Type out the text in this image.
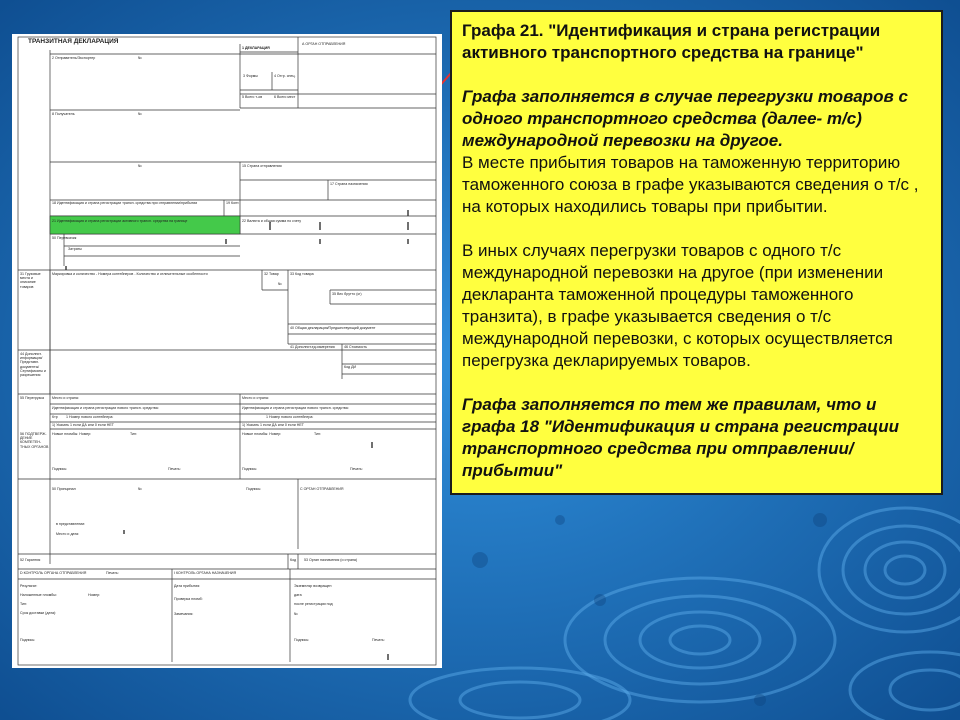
ТРАНЗИТНАЯ ДЕКЛАРАЦИЯ	А ОРГАН ОТПРАВЛЕНИЯ
1 ДЕКЛАРАЦИЯ
2 Отправитель/Экспортер	№
3 Формы	4 Отгр. спец.
5 Всего т-ов	6 Всего мест
8 Получатель	№
№	15 Страна отправления
17 Страна назначения
18 Идентификация и страна регистрации трансп. средства при отправлении/прибытии	19 Конт.
21 Идентификация и страна регистрации активного трансп. средства на границе	22 Валюта и общая сумма по счету
50 Перевозчик
Затраты
31 Грузовые места и описание товаров
Маркировка и количество - Номера контейнеров - Количество и отличительные особенности	32 Товар	33 Код товара
№
35 Вес брутто (кг)
40 Общая декларация/Предшествующий документ
41 Дополнит.ед.измерения
44 Дополнит. информация/ Представл. документы/ Сертификаты и разрешения
Код ДИ
46 Стоимость
55 Перегрузка Место и страна:	Место и страна:
Идентификация и страна регистрации нового трансп. средства:	Идентификация и страна регистрации нового трансп. средства:
Ктр 1 Номер нового контейнера:	1 Номер нового контейнера:
1) Указать 1 если ДА или 0 если НЕТ	1) Указать 1 если ДА или 0 если НЕТ
56 ПОДТВЕРЖ-ДЕНИЕ КОМПЕТЕН-ТНЫХ ОРГАНОВ
Новые пломбы: Номер:	Тип:	Новые пломбы: Номер:	Тип:
Подпись:	Печать:	Подпись:	Печать:
50 Принципал	№	Подпись:	С ОРГАН ОТПРАВЛЕНИЯ
в представлении:
Место и дата:
52 Гарантия	Код 53 Орган назначения (и страна)
D КОНТРОЛЬ ОРГАНА ОТПРАВЛЕНИЯ	Печать:
Результат:
Наложенные пломбы:	Номер:
Тип:
Срок доставки (дата):
Подпись:
I КОНТРОЛЬ ОРГАНА НАЗНАЧЕНИЯ
Дата прибытия:
Проверка пломб:
Замечания:
Экземпляр возвращен
дата
после регистрации под
№
Подпись:	Печать:

Графа 21. "Идентификация и страна регистрации активного транспортного средства на границе"

Графа заполняется в случае перегрузки товаров с одного транспортного средства (далее- т/с) международной перевозки на другое.

В месте прибытия товаров на таможенную территорию таможенного союза в графе указываются сведения о т/с , на которых находились товары при прибытии.

В иных случаях перегрузки товаров с одного т/с международной перевозки на другое (при изменении декларанта таможенной процедуры таможенного транзита), в графе указывается сведения о т/с международной перевозки, с которых осуществляется перегрузка декларируемых товаров.

Графа заполняется по тем же правилам, что и графа 18 "Идентификация и страна регистрации транспортного средства при отправлении/прибытии"
